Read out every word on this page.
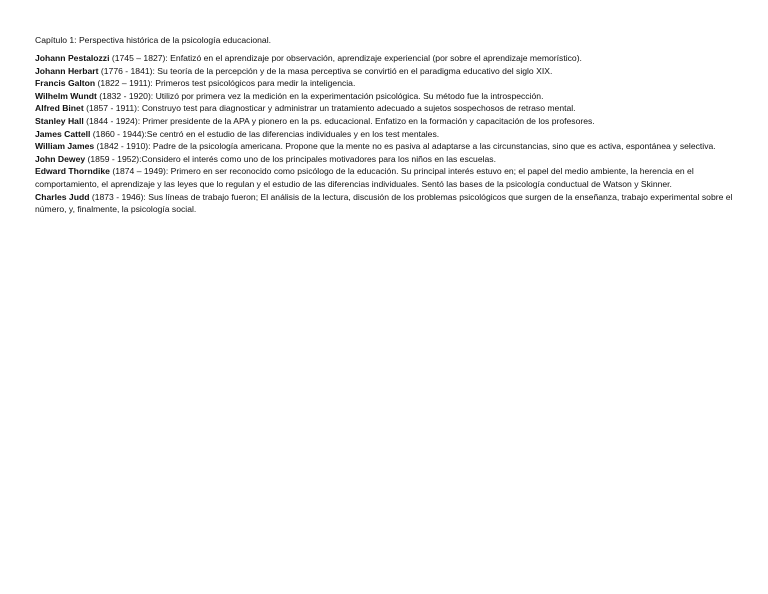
Capítulo 1: Perspectiva histórica de la psicología educacional.

Johann Pestalozzi (1745 – 1827): Enfatizó en el aprendizaje por observación, aprendizaje experiencial (por sobre el aprendizaje memorístico).

Johann Herbart (1776 - 1841): Su teoría de la percepción y de la masa perceptiva se convirtió en el paradigma educativo del siglo XIX.

Francis Galton (1822 – 1911): Primeros test psicológicos para medir la inteligencia.

Wilhelm Wundt (1832 - 1920): Utilizó por primera vez la medición en la experimentación psicológica. Su método fue la introspección.

Alfred Binet (1857 - 1911): Construyo test para diagnosticar y administrar un tratamiento adecuado a sujetos sospechosos de retraso mental.

Stanley Hall (1844 - 1924): Primer presidente de la APA y pionero en la ps. educacional. Enfatizo en la formación y capacitación de los profesores.

James Cattell (1860 - 1944):Se centró en el estudio de las diferencias individuales y en los test mentales.

William James (1842 - 1910): Padre de la psicología americana. Propone que la mente no es pasiva al adaptarse a las circunstancias, sino que es activa, espontánea y selectiva.

John Dewey (1859 - 1952):Considero el interés como uno de los principales motivadores para los niños en las escuelas.

Edward Thorndike (1874 – 1949): Primero en ser reconocido como psicólogo de la educación. Su principal interés estuvo en; el papel del medio ambiente, la herencia en el comportamiento, el aprendizaje y las leyes que lo regulan y el estudio de las diferencias individuales. Sentó las bases de la psicología conductual de Watson y Skinner.

Charles Judd (1873 - 1946): Sus líneas de trabajo fueron; El análisis de la lectura, discusión de los problemas psicológicos que surgen de la enseñanza, trabajo experimental sobre el número, y, finalmente, la psicología social.
